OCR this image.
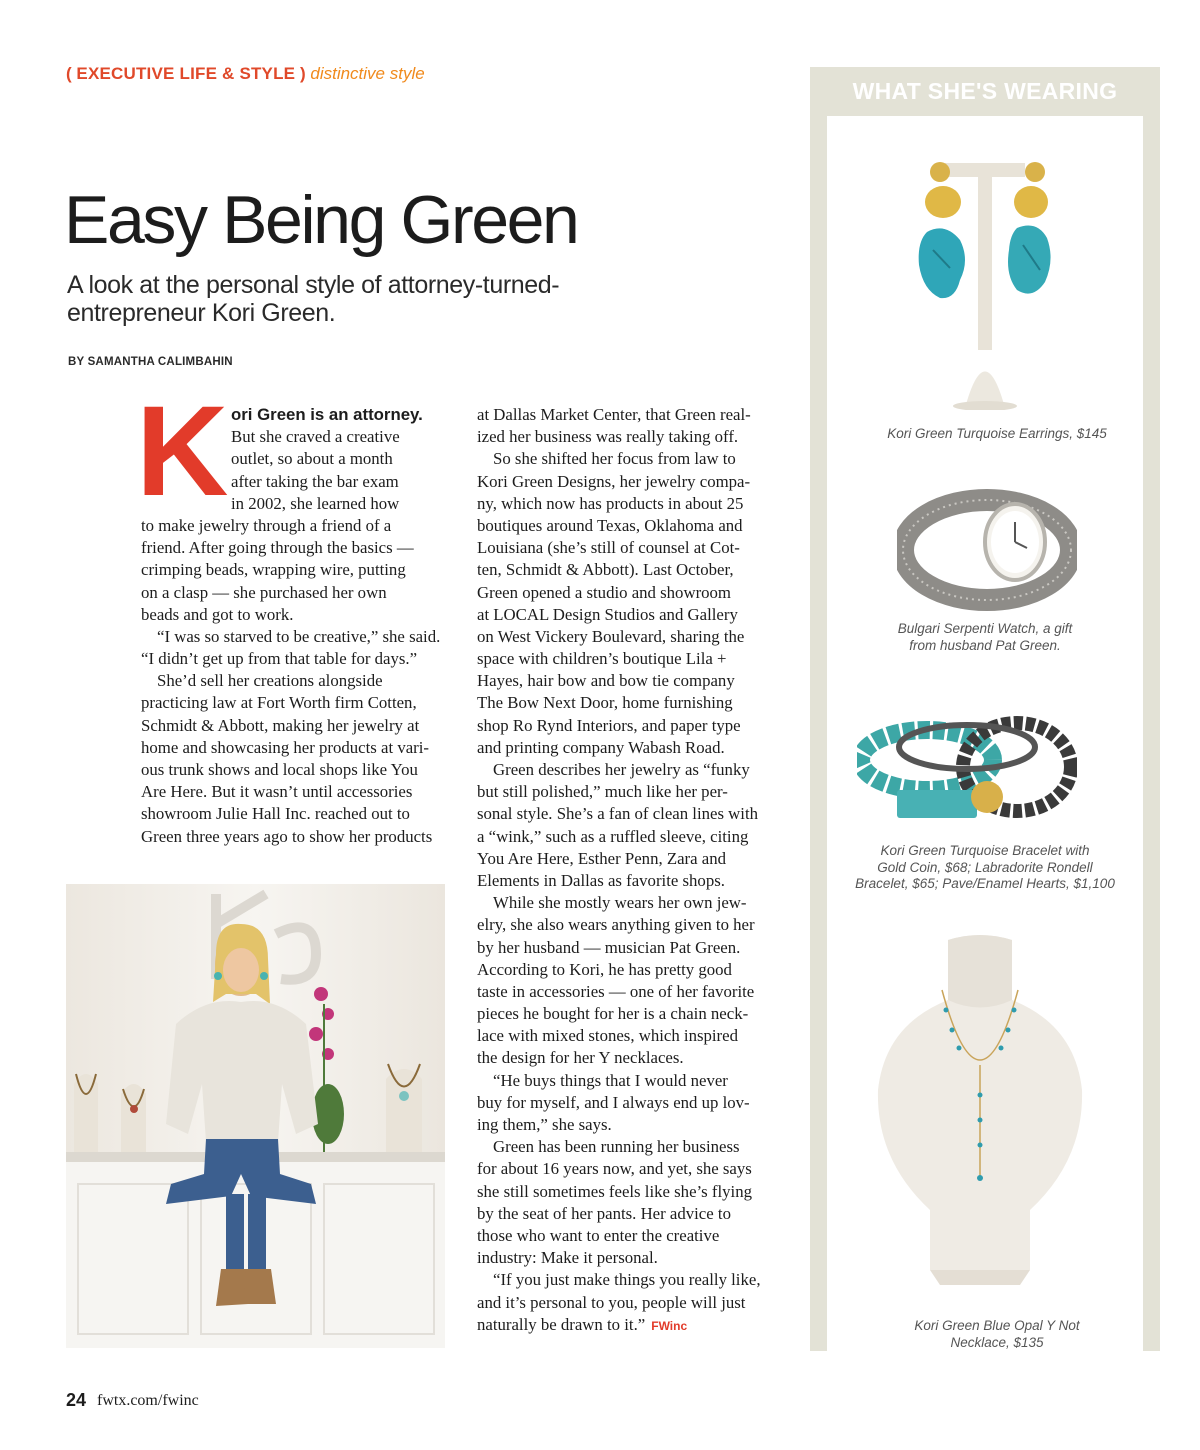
( EXECUTIVE LIFE & STYLE ) distinctive style
Easy Being Green
A look at the personal style of attorney-turned-entrepreneur Kori Green.
BY SAMANTHA CALIMBAHIN
K ori Green is an attorney.
But she craved a creative
outlet, so about a month
after taking the bar exam
in 2002, she learned how
to make jewelry through a friend of a
friend. After going through the basics —
crimping beads, wrapping wire, putting
on a clasp — she purchased her own
beads and got to work.
“I was so starved to be creative,” she said.
“I didn’t get up from that table for days.”
She’d sell her creations alongside
practicing law at Fort Worth firm Cotten,
Schmidt & Abbott, making her jewelry at
home and showcasing her products at vari-
ous trunk shows and local shops like You
Are Here. But it wasn’t until accessories
showroom Julie Hall Inc. reached out to
Green three years ago to show her products
at Dallas Market Center, that Green real-
ized her business was really taking off.
So she shifted her focus from law to
Kori Green Designs, her jewelry compa-
ny, which now has products in about 25
boutiques around Texas, Oklahoma and
Louisiana (she’s still of counsel at Cot-
ten, Schmidt & Abbott). Last October,
Green opened a studio and showroom
at LOCAL Design Studios and Gallery
on West Vickery Boulevard, sharing the
space with children’s boutique Lila +
Hayes, hair bow and bow tie company
The Bow Next Door, home furnishing
shop Ro Rynd Interiors, and paper type
and printing company Wabash Road.
Green describes her jewelry as “funky
but still polished,” much like her per-
sonal style. She’s a fan of clean lines with
a “wink,” such as a ruffled sleeve, citing
You Are Here, Esther Penn, Zara and
Elements in Dallas as favorite shops.
While she mostly wears her own jew-
elry, she also wears anything given to her
by her husband — musician Pat Green.
According to Kori, he has pretty good
taste in accessories — one of her favorite
pieces he bought for her is a chain neck-
lace with mixed stones, which inspired
the design for her Y necklaces.
“He buys things that I would never
buy for myself, and I always end up lov-
ing them,” she says.
Green has been running her business
for about 16 years now, and yet, she says
she still sometimes feels like she’s flying
by the seat of her pants. Her advice to
those who want to enter the creative
industry: Make it personal.
“If you just make things you really like,
and it’s personal to you, people will just
naturally be drawn to it.” FWinc
WHAT SHE'S WEARING
Kori Green Turquoise Earrings, $145
Bulgari Serpenti Watch, a gift
from husband Pat Green.
Kori Green Turquoise Bracelet with
Gold Coin, $68; Labradorite Rondell
Bracelet, $65; Pave/Enamel Hearts, $1,100
Kori Green Blue Opal Y Not
Necklace, $135
24 fwtx.com/fwinc
